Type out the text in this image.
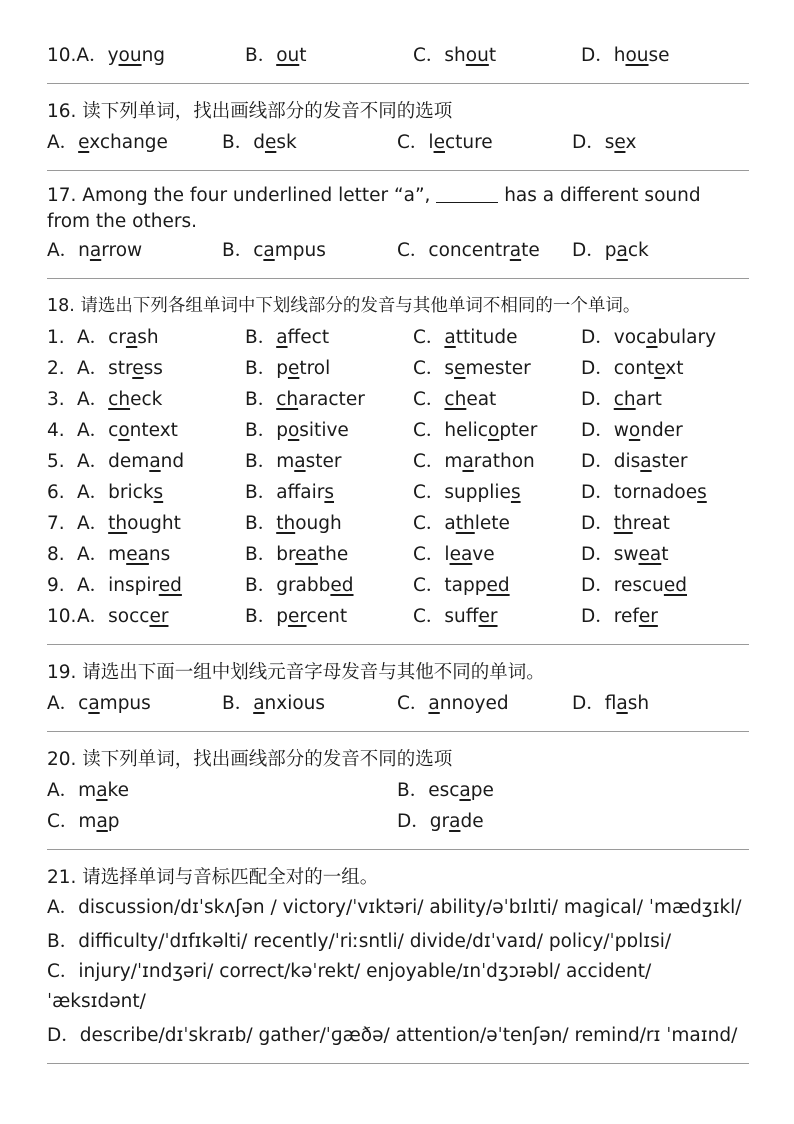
10.A．young	B．out	C．shout	D．house
16. 读下列单词，找出画线部分的发音不同的选项
A．exchange	B．desk	C．lecture	D．sex
17. Among the four underlined letter “a”,	has a different sound from the others.
A．narrow	B．campus	C．concentrate	D．pack
18. 请选出下列各组单词中下划线部分的发音与其他单词不相同的一个单词。
1. A．crash	B．affect	C．attitude	D．vocabulary
2. A．stress	B．petrol	C．semester	D．context
3. A．check	B．character	C．cheat	D．chart
4. A．context	B．positive	C．helicopter	D．wonder
5. A．demand	B．master	C．marathon	D．disaster
6. A．bricks	B．affairs	C．supplies	D．tornadoes
7. A．thought	B．though	C．athlete	D．threat
8. A．means	B．breathe	C．leave	D．sweat
9. A．inspired	B．grabbed	C．tapped	D．rescued
10.A．soccer	B．percent	C．suffer	D．refer
19. 请选出下面一组中划线元音字母发音与其他不同的单词。
A．campus	B．anxious	C．annoyed	D．flash
20. 读下列单词，找出画线部分的发音不同的选项
A．make	B．escape
C．map	D．grade
21. 请选择单词与音标匹配全对的一组。
A．discussion/dɪˈskʌʃən / victory/ˈvɪktəri/ ability/əˈbɪlɪti/ magical/ ˈmædʒɪkl/
B．difficulty/ˈdɪfɪkəlti/ recently/ˈriːsntli/ divide/dɪˈvaɪd/ policy/ˈpɒlɪsi/
C．injury/ˈɪndʒəri/ correct/kəˈrekt/ enjoyable/ɪnˈdʒɔɪəbl/ accident/ ˈæksɪdənt/
D．describe/dɪˈskraɪb/ gather/ˈɡæðə/ attention/əˈtenʃən/ remind/rɪ ˈmaɪnd/
